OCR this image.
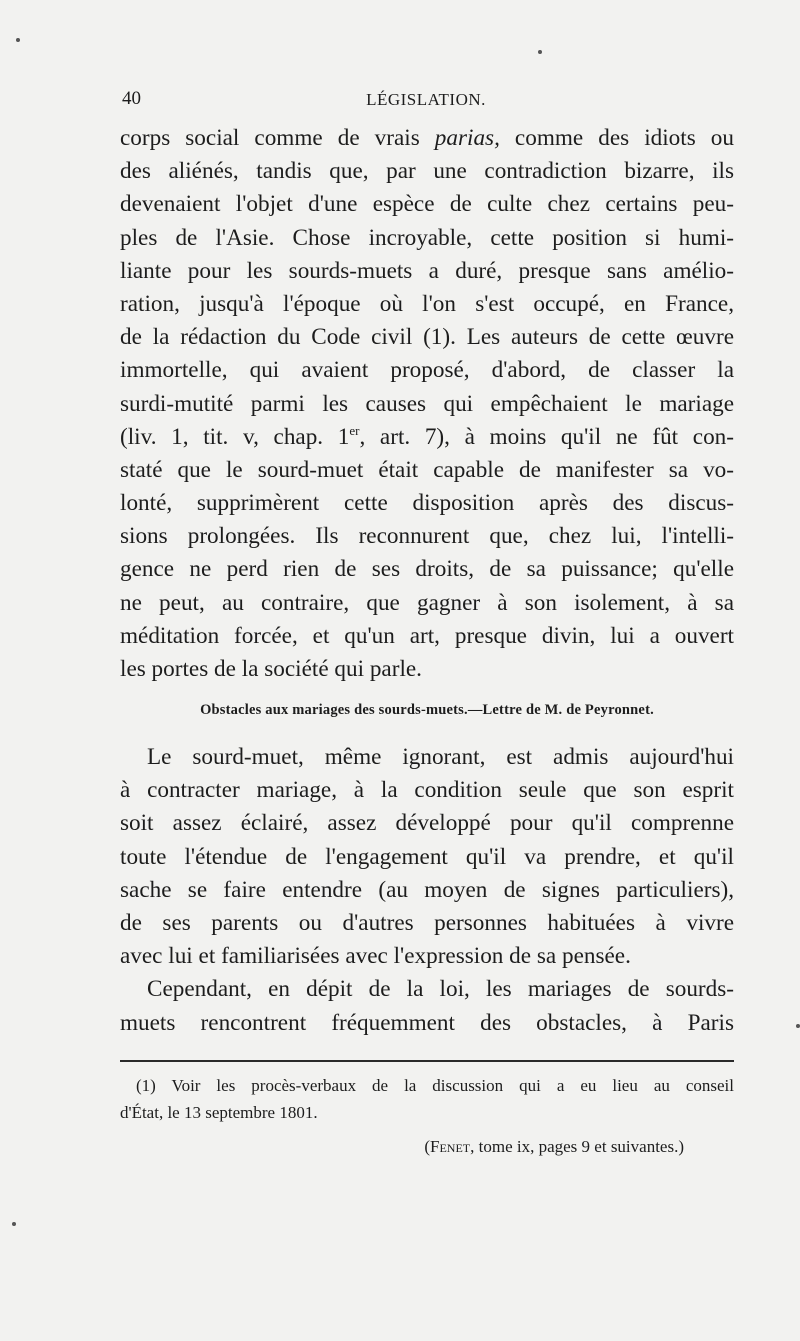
40	LÉGISLATION.
corps social comme de vrais parias, comme des idiots ou
des aliénés, tandis que, par une contradiction bizarre, ils
devenaient l'objet d'une espèce de culte chez certains peu-
ples de l'Asie. Chose incroyable, cette position si humi-
liante pour les sourds-muets a duré, presque sans amélio-
ration, jusqu'à l'époque où l'on s'est occupé, en France,
de la rédaction du Code civil (1). Les auteurs de cette œuvre
immortelle, qui avaient proposé, d'abord, de classer la
surdi-mutité parmi les causes qui empêchaient le mariage
(liv. 1, tit. v, chap. 1er, art. 7), à moins qu'il ne fût con-
staté que le sourd-muet était capable de manifester sa vo-
lonté, supprimèrent cette disposition après des discus-
sions prolongées. Ils reconnurent que, chez lui, l'intelli-
gence ne perd rien de ses droits, de sa puissance; qu'elle
ne peut, au contraire, que gagner à son isolement, à sa
méditation forcée, et qu'un art, presque divin, lui a ouvert
les portes de la société qui parle.
Obstacles aux mariages des sourds-muets.—Lettre de M. de Peyronnet.
Le sourd-muet, même ignorant, est admis aujourd'hui
à contracter mariage, à la condition seule que son esprit
soit assez éclairé, assez développé pour qu'il comprenne
toute l'étendue de l'engagement qu'il va prendre, et qu'il
sache se faire entendre (au moyen de signes particuliers),
de ses parents ou d'autres personnes habituées à vivre
avec lui et familiarisées avec l'expression de sa pensée.
Cependant, en dépit de la loi, les mariages de sourds-
muets rencontrent fréquemment des obstacles, à Paris
(1) Voir les procès-verbaux de la discussion qui a eu lieu au conseil
d'État, le 13 septembre 1801.
(Fenet, tome ix, pages 9 et suivantes.)
